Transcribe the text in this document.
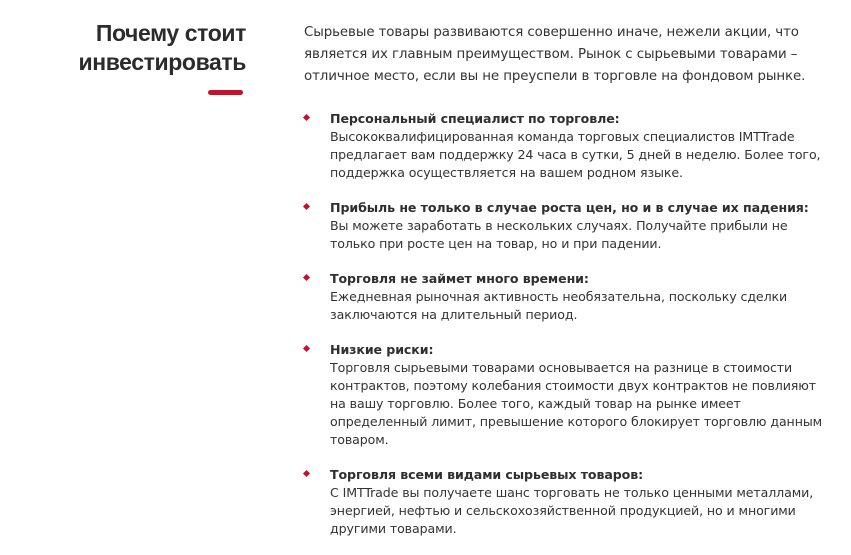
Почему стоит
инвестировать

Сырьевые товары развиваются совершенно иначе, нежели акции, что является их главным преимуществом. Рынок с сырьевыми товарами – отличное место, если вы не преуспели в торговле на фондовом рынке.

Персональный специалист по торговле:
Высококвалифицированная команда торговых специалистов IMTTrade предлагает вам поддержку 24 часа в сутки, 5 дней в неделю. Более того, поддержка осуществляется на вашем родном языке.
Прибыль не только в случае роста цен, но и в случае их падения:
Вы можете заработать в нескольких случаях. Получайте прибыли не только при росте цен на товар, но и при падении.
Торговля не займет много времени:
Ежедневная рыночная активность необязательна, поскольку сделки заключаются на длительный период.
Низкие риски:
Торговля сырьевыми товарами основывается на разнице в стоимости контрактов, поэтому колебания стоимости двух контрактов не повлияют на вашу торговлю. Более того, каждый товар на рынке имеет определенный лимит, превышение которого блокирует торговлю данным товаром.
Торговля всеми видами сырьевых товаров:
С IMTTrade вы получаете шанс торговать не только ценными металлами, энергией, нефтью и сельскохозяйственной продукцией, но и многими другими товарами.
